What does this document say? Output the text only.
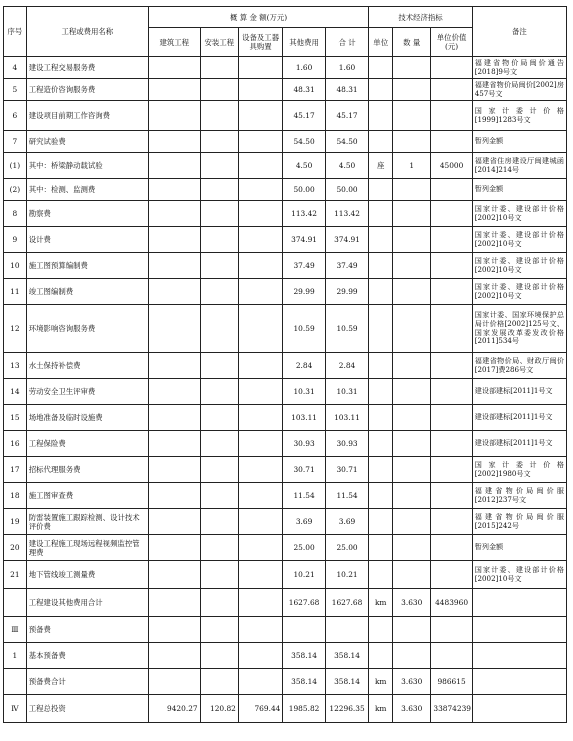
序号	工程或费用名称	概 算 金 额(万元)					技术经济指标			备注
		建筑工程	安装工程	设备及工器具购置	其他费用	合 计	单位	数 量	单位价值(元)	
4	建设工程交易服务费				1.60	1.60				福建省物价局闽价通告[2018]9号文
5	工程造价咨询服务费				48.31	48.31				福建省物价局闽价[2002]房457号文
6	建设项目前期工作咨询费				45.17	45.17				国家计委计价格[1999]1283号文
7	研究试验费				54.50	54.50				暂列金额
(1)	其中：桥梁静动载试验				4.50	4.50	座	1	45000	福建省住房建设厅闽建城函[2014]214号
(2)	其中：检测、监测费				50.00	50.00				暂列金额
8	勘察费				113.42	113.42				国家计委、建设部计价格[2002]10号文
9	设计费				374.91	374.91				国家计委、建设部计价格[2002]10号文
10	施工图预算编制费				37.49	37.49				国家计委、建设部计价格[2002]10号文
11	竣工图编制费				29.99	29.99				国家计委、建设部计价格[2002]10号文
12	环境影响咨询服务费				10.59	10.59				国家计委、国家环境保护总局计价格[2002]125号文、国家发展改革委发改价格[2011]534号
13	水土保持补偿费				2.84	2.84				福建省物价局、财政厅闽价[2017]费286号文
14	劳动安全卫生评审费				10.31	10.31				建设部建标[2011]1号文
15	场地准备及临时设施费				103.11	103.11				建设部建标[2011]1号文
16	工程保险费				30.93	30.93				建设部建标[2011]1号文
17	招标代理服务费				30.71	30.71				国家计委计价格[2002]1980号文
18	施工图审查费				11.54	11.54				福建省物价局闽价服[2012]237号文
19	防雷装置施工跟踪检测、设计技术评价费				3.69	3.69				福建省物价局闽价服[2015]242号
20	建设工程施工现场远程视频监控管理费				25.00	25.00				暂列金额
21	地下管线竣工测量费				10.21	10.21				国家计委、建设部计价格[2002]10号文
	工程建设其他费用合计				1627.68	1627.68	km	3.630	4483960	
Ⅲ	预备费									
1	基本预备费				358.14	358.14				
	预备费合计				358.14	358.14	km	3.630	986615	
Ⅳ	工程总投资	9420.27	120.82	769.44	1985.82	12296.35	km	3.630	33874239	
